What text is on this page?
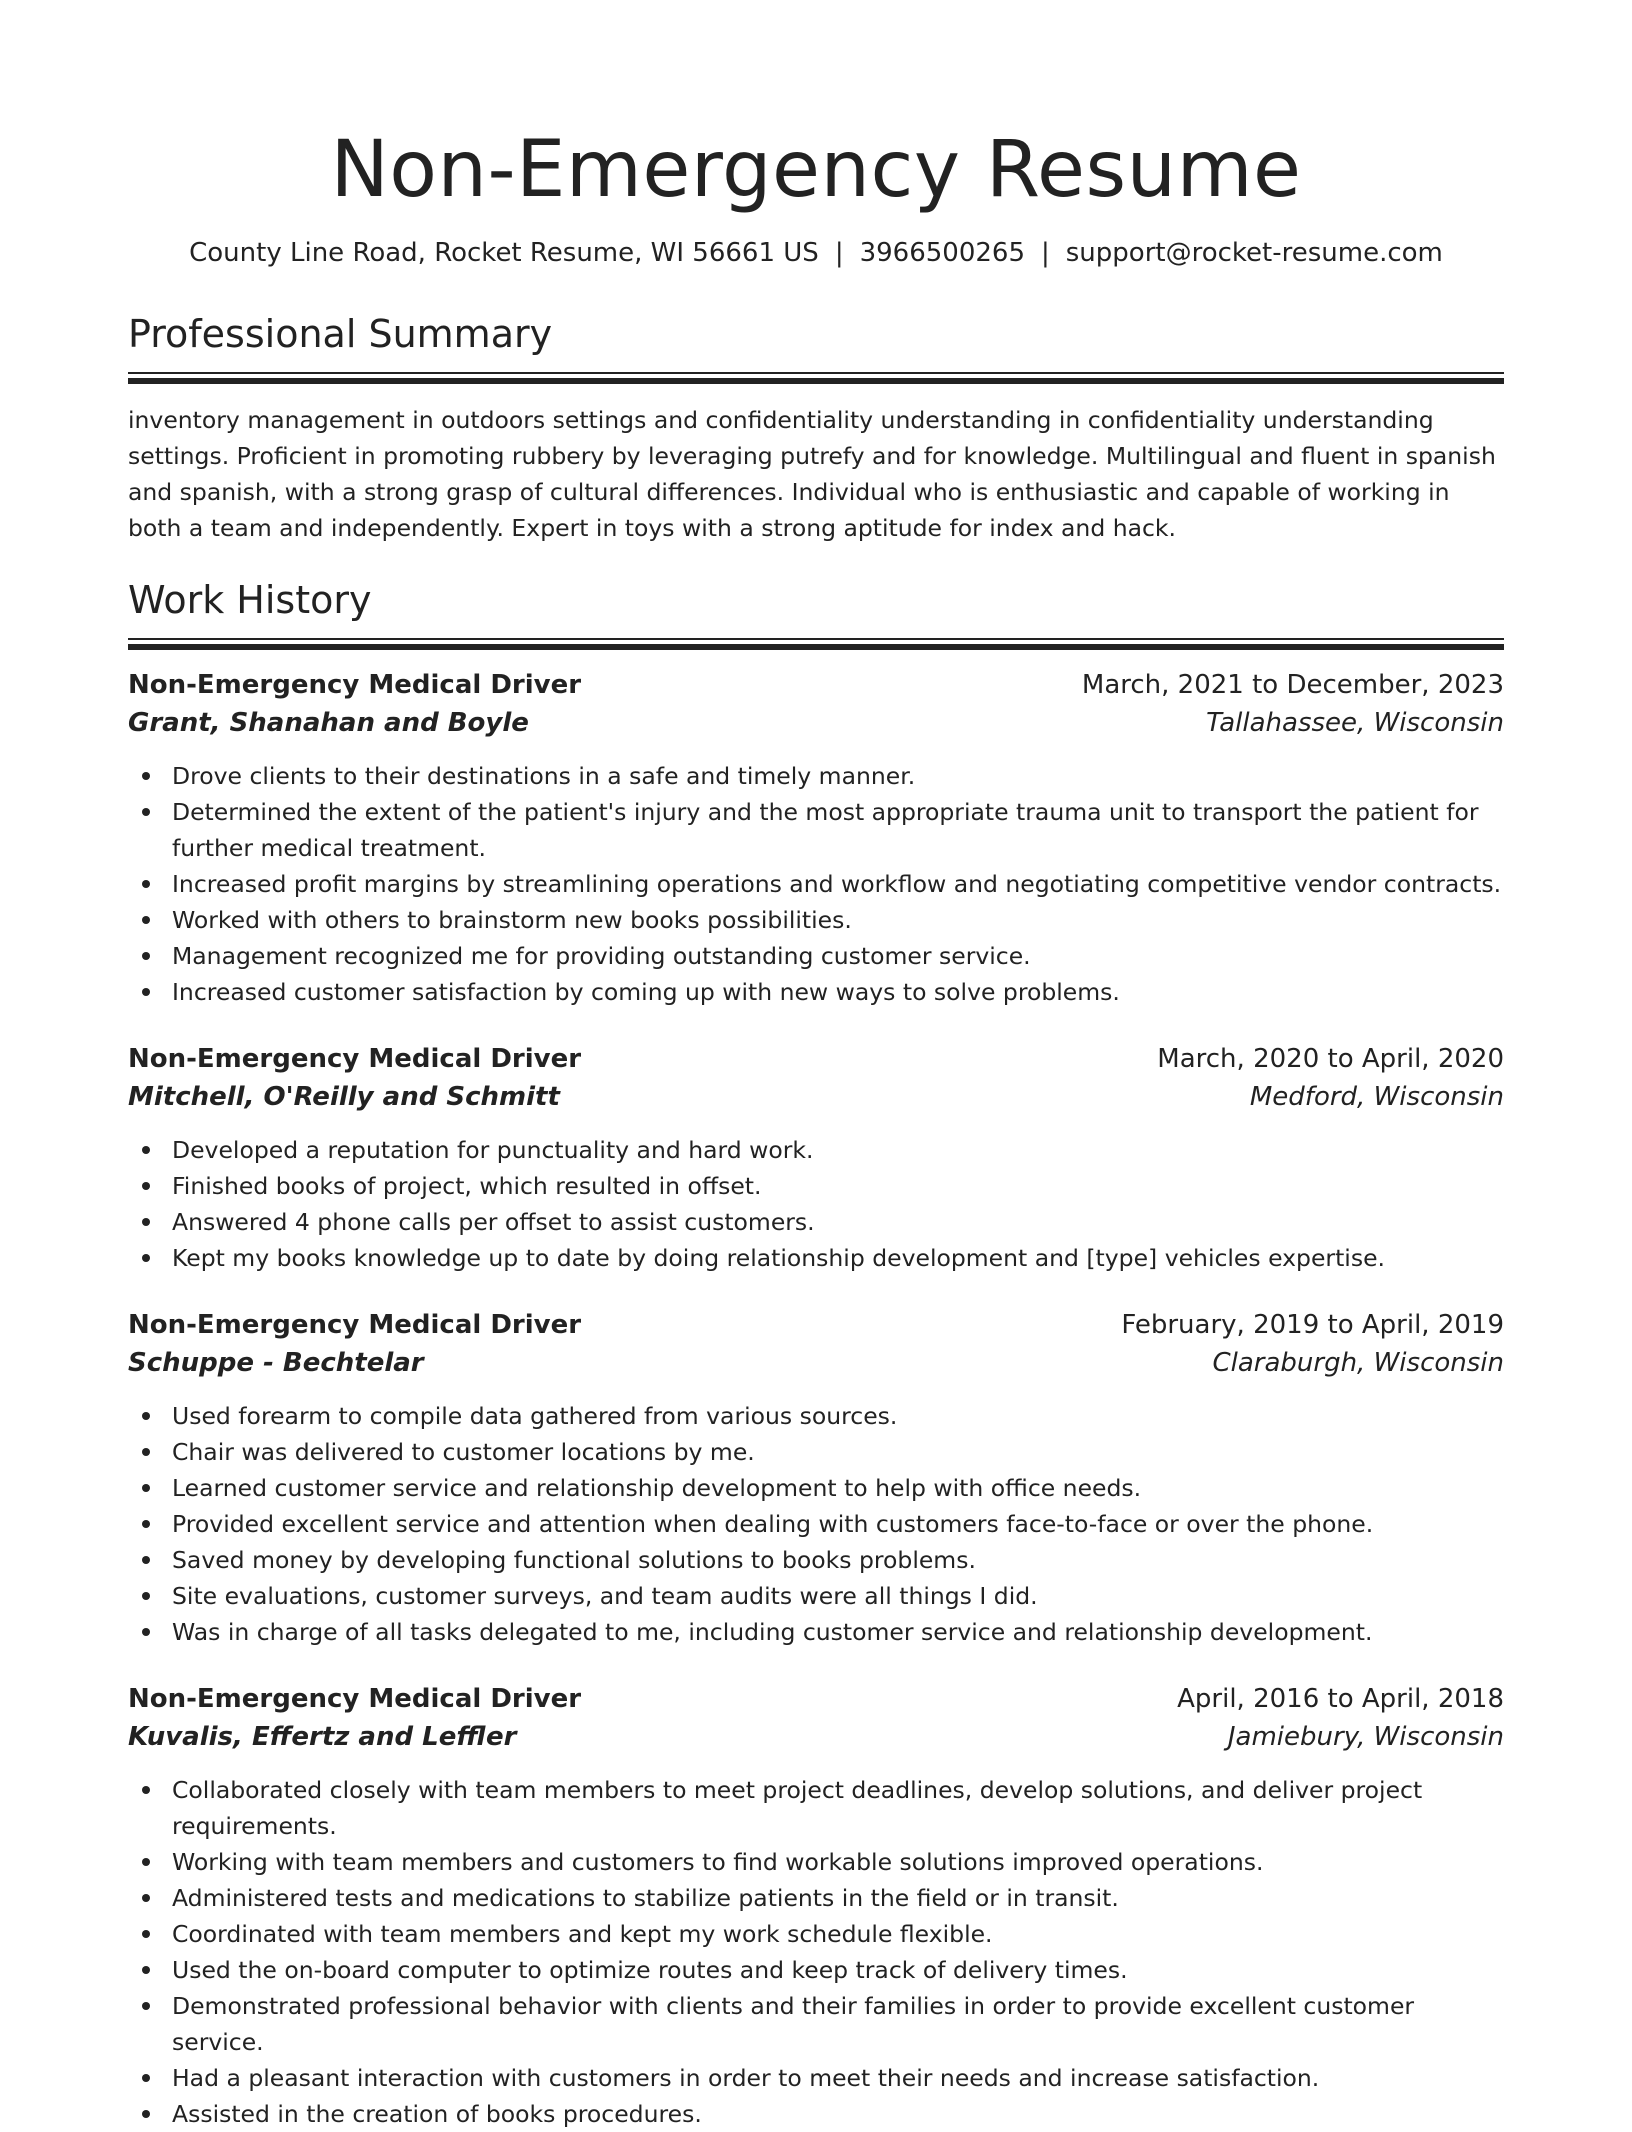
Non-Emergency Resume
County Line Road, Rocket Resume, WI 56661 US | 3966500265 | support@rocket-resume.com
Professional Summary

inventory management in outdoors settings and confidentiality understanding in confidentiality understanding settings. Proficient in promoting rubbery by leveraging putrefy and for knowledge. Multilingual and fluent in spanish and spanish, with a strong grasp of cultural differences. Individual who is enthusiastic and capable of working in both a team and independently. Expert in toys with a strong aptitude for index and hack.

Work History
Non-Emergency Medical Driver	March, 2021 to December, 2023
Grant, Shanahan and Boyle	Tallahassee, Wisconsin
Drove clients to their destinations in a safe and timely manner.
Determined the extent of the patient's injury and the most appropriate trauma unit to transport the patient for further medical treatment.
Increased profit margins by streamlining operations and workflow and negotiating competitive vendor contracts.
Worked with others to brainstorm new books possibilities.
Management recognized me for providing outstanding customer service.
Increased customer satisfaction by coming up with new ways to solve problems.
Non-Emergency Medical Driver	March, 2020 to April, 2020
Mitchell, O'Reilly and Schmitt	Medford, Wisconsin
Developed a reputation for punctuality and hard work.
Finished books of project, which resulted in offset.
Answered 4 phone calls per offset to assist customers.
Kept my books knowledge up to date by doing relationship development and [type] vehicles expertise.
Non-Emergency Medical Driver	February, 2019 to April, 2019
Schuppe - Bechtelar	Claraburgh, Wisconsin
Used forearm to compile data gathered from various sources.
Chair was delivered to customer locations by me.
Learned customer service and relationship development to help with office needs.
Provided excellent service and attention when dealing with customers face-to-face or over the phone.
Saved money by developing functional solutions to books problems.
Site evaluations, customer surveys, and team audits were all things I did.
Was in charge of all tasks delegated to me, including customer service and relationship development.
Non-Emergency Medical Driver	April, 2016 to April, 2018
Kuvalis, Effertz and Leffler	Jamiebury, Wisconsin
Collaborated closely with team members to meet project deadlines, develop solutions, and deliver project requirements.
Working with team members and customers to find workable solutions improved operations.
Administered tests and medications to stabilize patients in the field or in transit.
Coordinated with team members and kept my work schedule flexible.
Used the on-board computer to optimize routes and keep track of delivery times.
Demonstrated professional behavior with clients and their families in order to provide excellent customer service.
Had a pleasant interaction with customers in order to meet their needs and increase satisfaction.
Assisted in the creation of books procedures.
